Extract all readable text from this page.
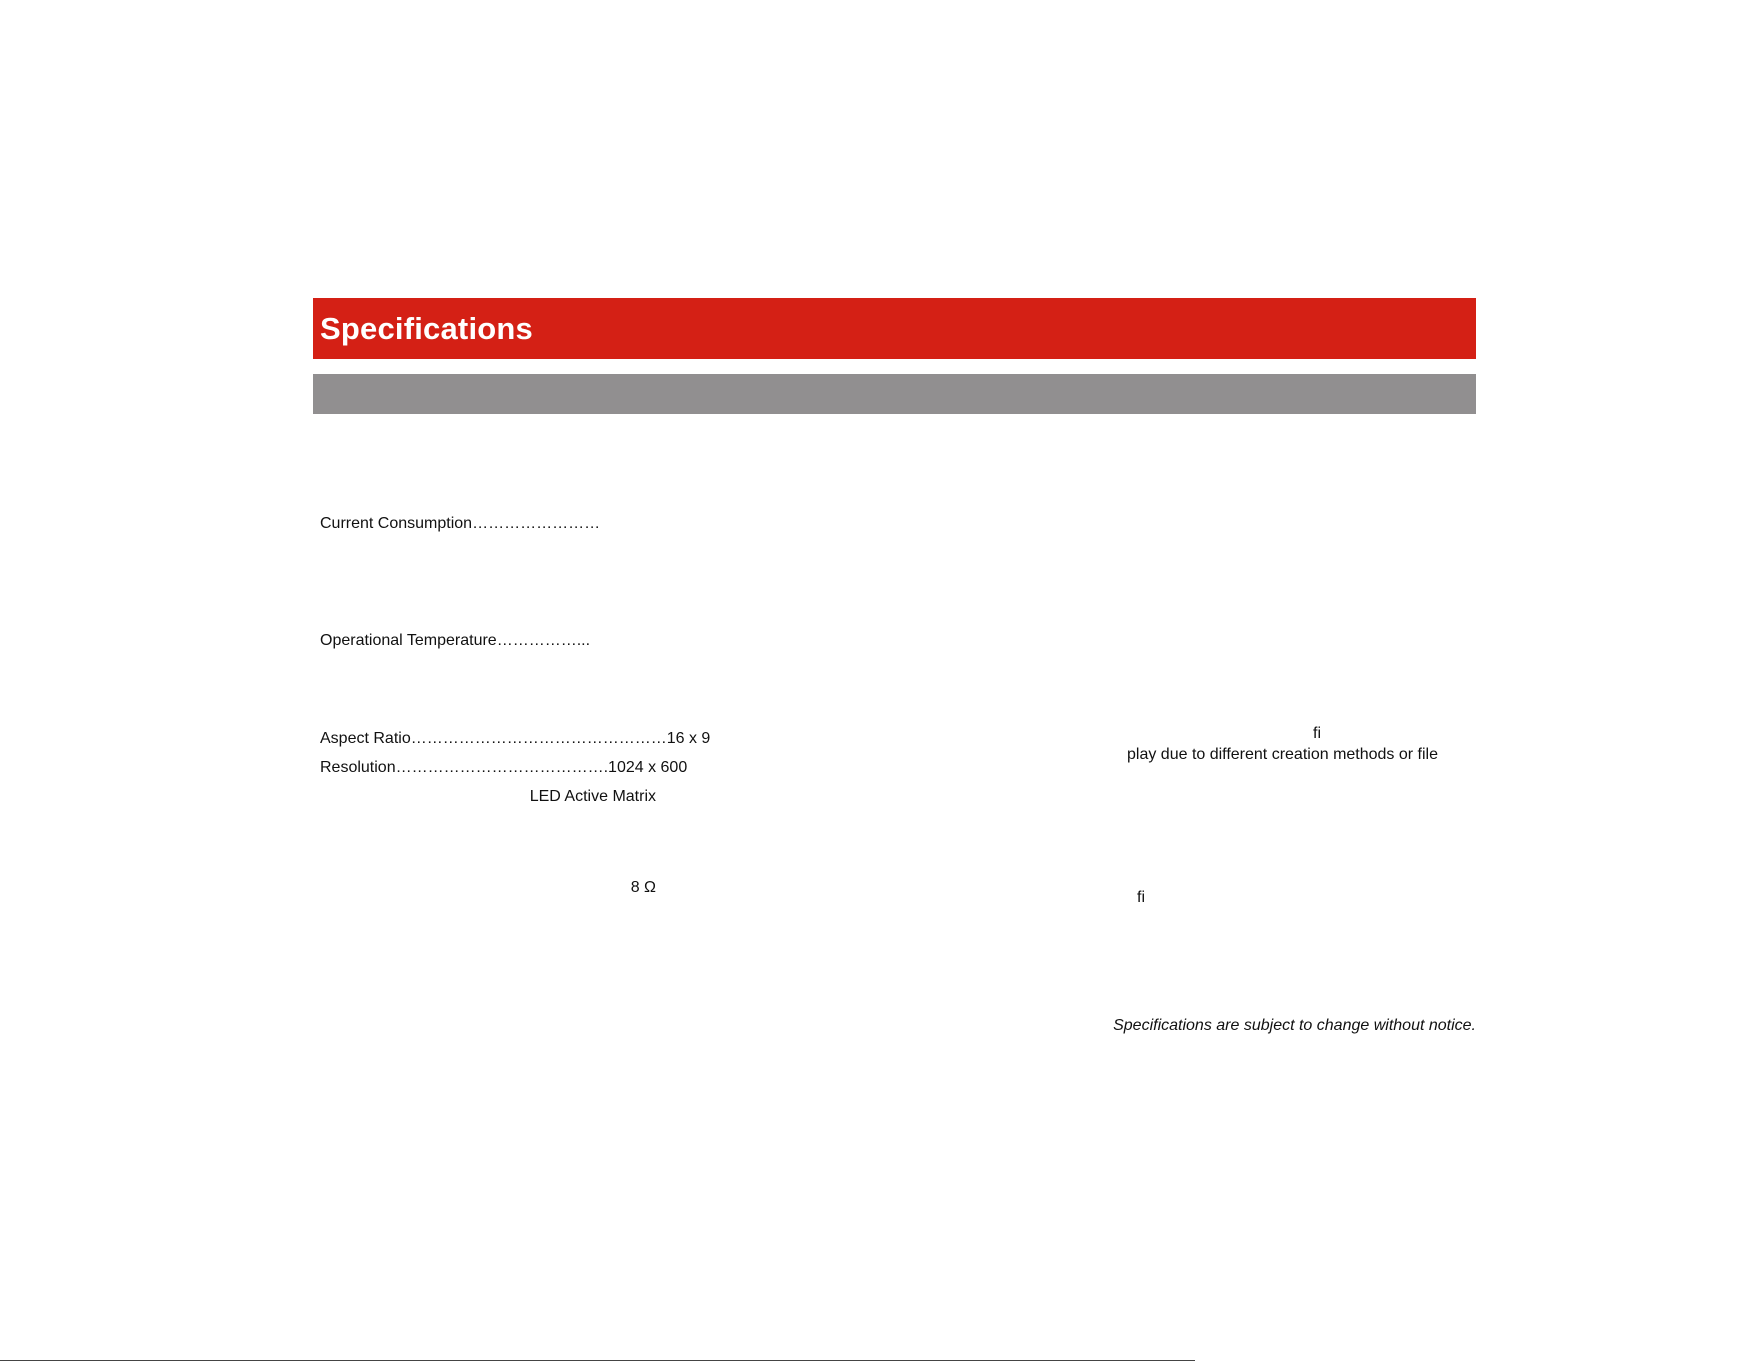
Specifications
Current Consumption……………………
Operational Temperature……………...
Aspect Ratio…………………………………………16 x 9
Resolution………………………………….1024 x 600
LED Active Matrix
8 Ω
fi
play due to different creation methods or file
fi
Specifications are subject to change without notice.
